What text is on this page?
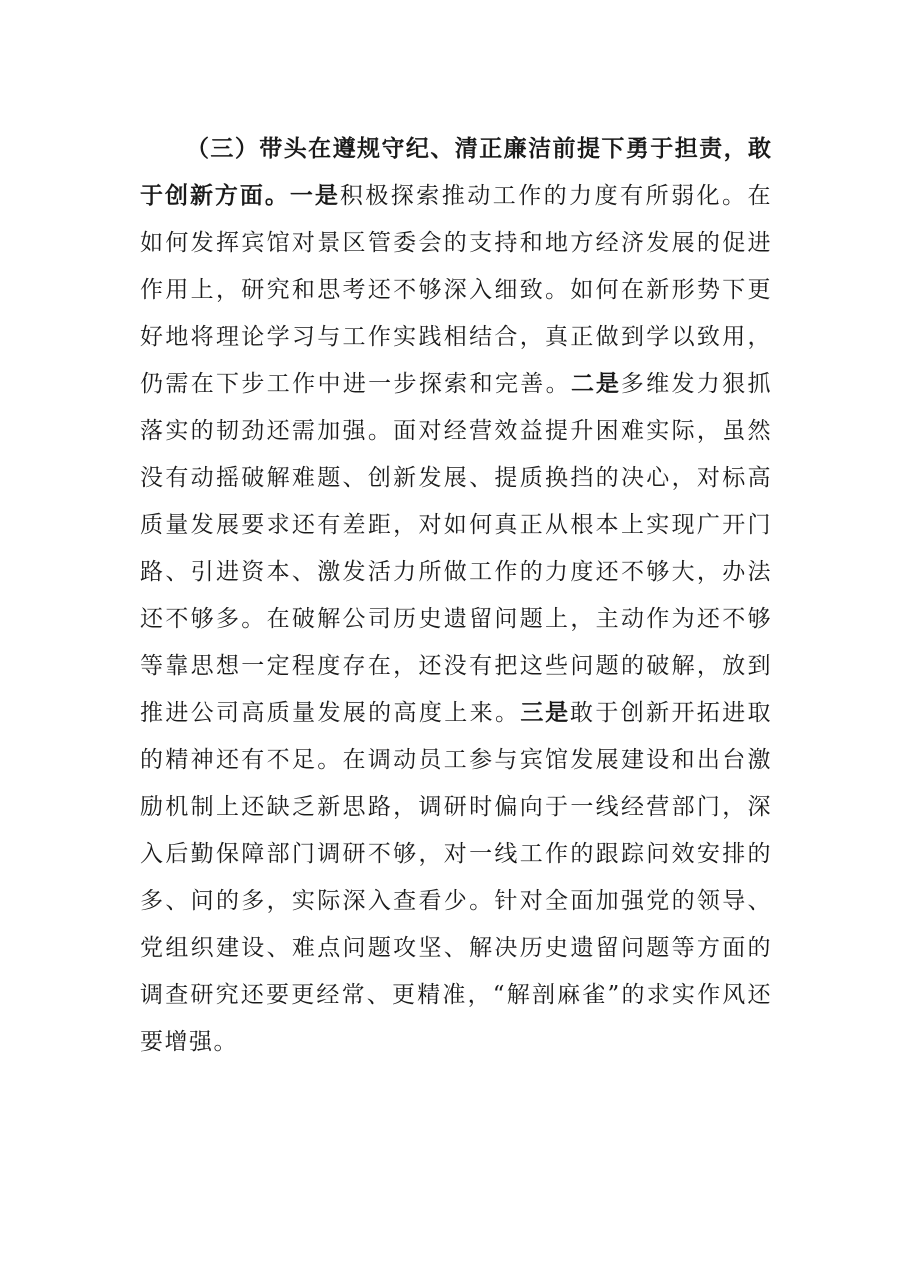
（三）带头在遵规守纪、清正廉洁前提下勇于担责，敢于创新方面。一是积极探索推动工作的力度有所弱化。在如何发挥宾馆对景区管委会的支持和地方经济发展的促进作用上，研究和思考还不够深入细致。如何在新形势下更好地将理论学习与工作实践相结合，真正做到学以致用，仍需在下步工作中进一步探索和完善。二是多维发力狠抓落实的韧劲还需加强。面对经营效益提升困难实际，虽然没有动摇破解难题、创新发展、提质换挡的决心，对标高质量发展要求还有差距，对如何真正从根本上实现广开门路、引进资本、激发活力所做工作的力度还不够大，办法还不够多。在破解公司历史遗留问题上，主动作为还不够等靠思想一定程度存在，还没有把这些问题的破解，放到推进公司高质量发展的高度上来。三是敢于创新开拓进取的精神还有不足。在调动员工参与宾馆发展建设和出台激励机制上还缺乏新思路，调研时偏向于一线经营部门，深入后勤保障部门调研不够，对一线工作的跟踪问效安排的多、问的多，实际深入查看少。针对全面加强党的领导、党组织建设、难点问题攻坚、解决历史遗留问题等方面的调查研究还要更经常、更精准，“解剖麻雀”的求实作风还要增强。
